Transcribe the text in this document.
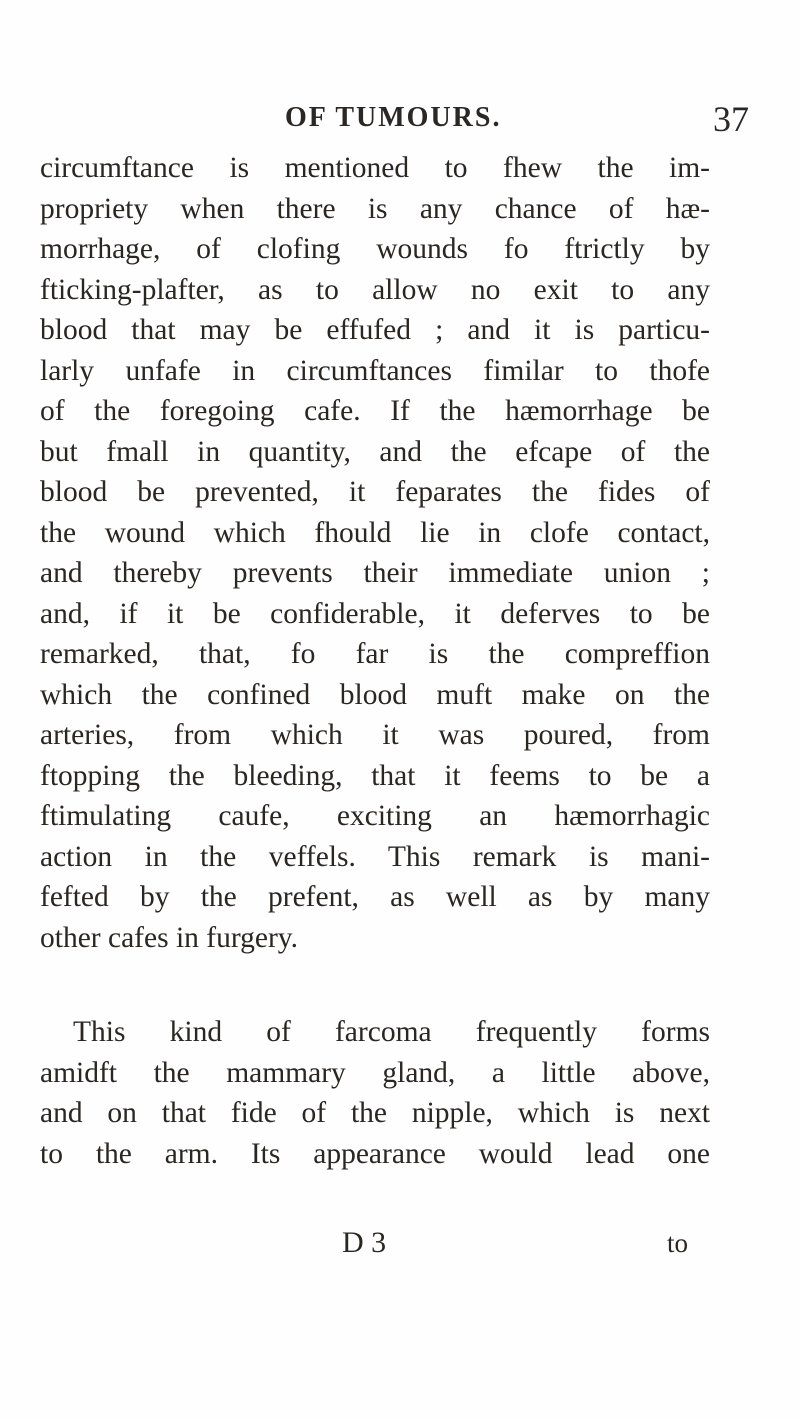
OF TUMOURS.	37
circumftance is mentioned to fhew the im-
propriety when there is any chance of hæ-
morrhage, of clofing wounds fo ftrictly by
fticking-plafter, as to allow no exit to any
blood that may be effufed ; and it is particu-
larly unfafe in circumftances fimilar to thofe
of the foregoing cafe. If the hæmorrhage be
but fmall in quantity, and the efcape of the
blood be prevented, it feparates the fides of
the wound which fhould lie in clofe contact,
and thereby prevents their immediate union ;
and, if it be confiderable, it deferves to be
remarked, that, fo far is the compreffion
which the confined blood muft make on the
arteries, from which it was poured, from
ftopping the bleeding, that it feems to be a
ftimulating caufe, exciting an hæmorrhagic
action in the veffels. This remark is mani-
fefted by the prefent, as well as by many
other cafes in furgery.
This kind of farcoma frequently forms
amidft the mammary gland, a little above,
and on that fide of the nipple, which is next
to the arm. Its appearance would lead one
D 3	to
